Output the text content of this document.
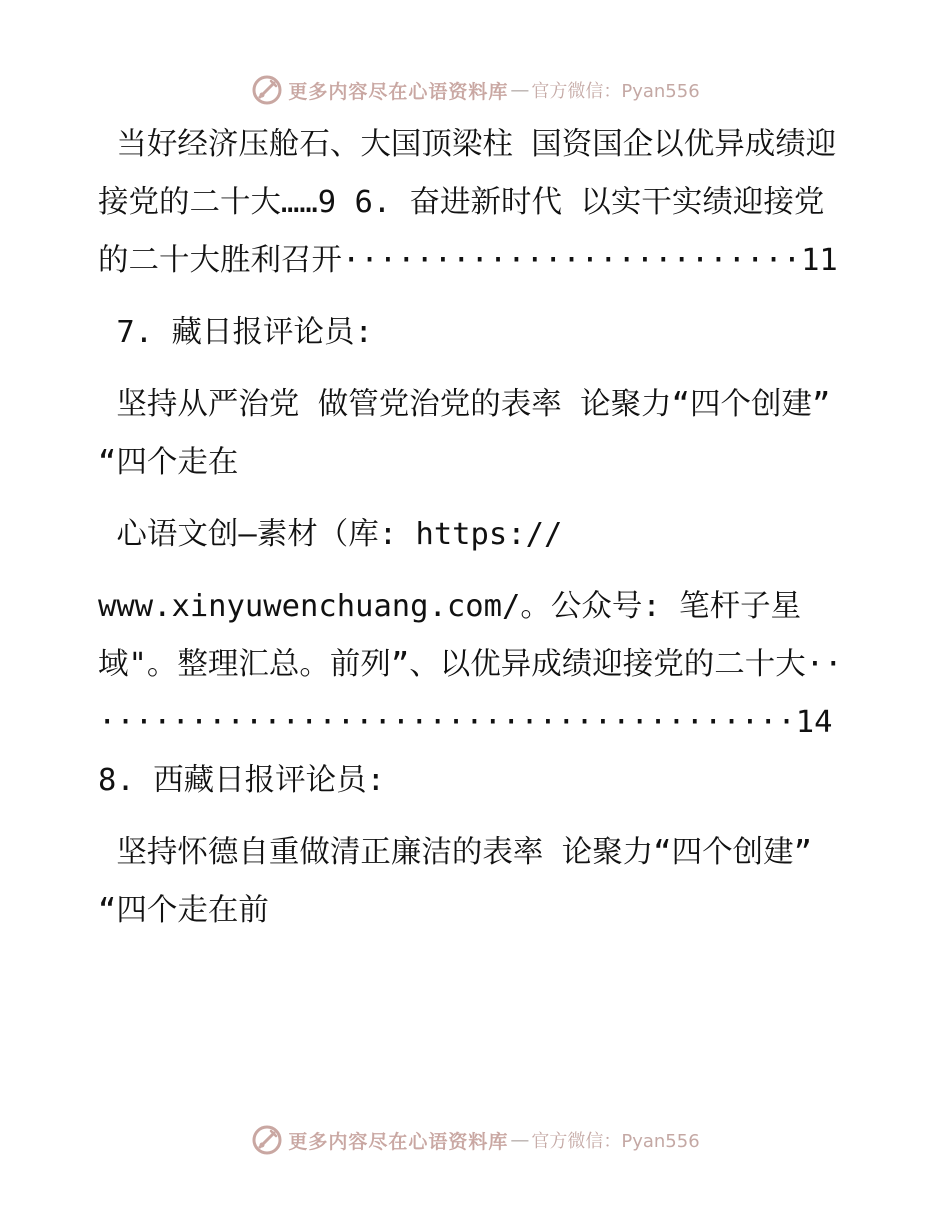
更多内容尽在心语资料库 — 官方微信：Pyan556

当好经济压舱石、大国顶梁柱 国资国企以优异成绩迎接党的二十大……9 6. 奋进新时代 以实干实绩迎接党的二十大胜利召开·························11

7. 藏日报评论员:

坚持从严治党 做管党治党的表率 论聚力“四个创建” “四个走在

心语文创—素材（库: https://

www.xinyuwenchuang.com/。公众号: 笔杆子星域"。整理汇总。前列”、以优异成绩迎接党的二十大········································14 8. 西藏日报评论员:

坚持怀德自重做清正廉洁的表率 论聚力“四个创建” “四个走在前

更多内容尽在心语资料库 — 官方微信：Pyan556
